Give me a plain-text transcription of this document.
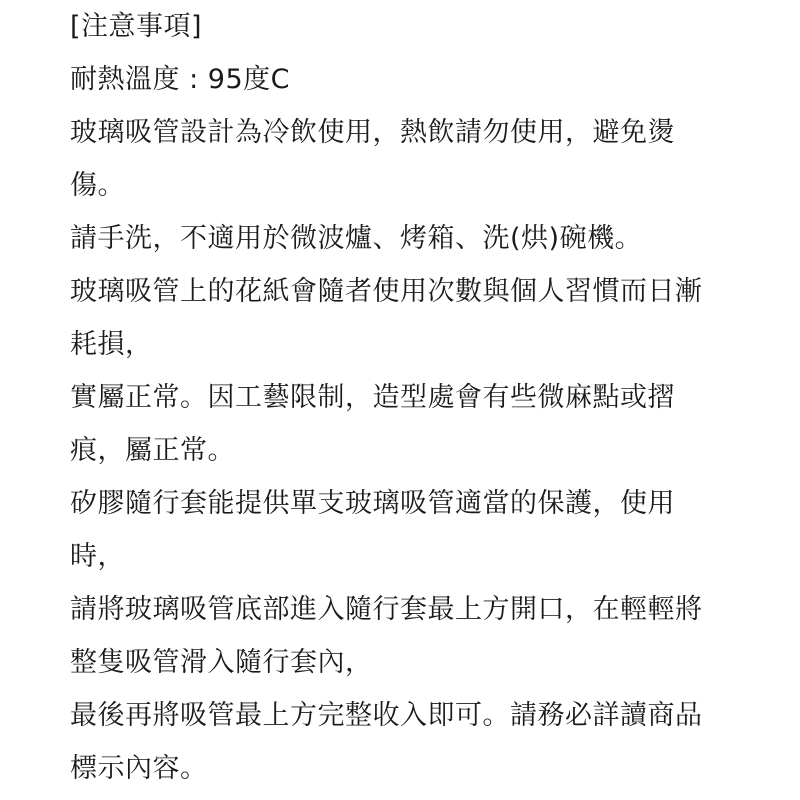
[注意事項]
耐熱溫度 : 95度C
玻璃吸管設計為冷飲使用，熱飲請勿使用，避免燙
傷。
請手洗，不適用於微波爐、烤箱、洗(烘)碗機。
玻璃吸管上的花紙會隨者使用次數與個人習慣而日漸
耗損，
實屬正常。因工藝限制，造型處會有些微麻點或摺
痕，屬正常。
矽膠隨行套能提供單支玻璃吸管適當的保護，使用
時，
請將玻璃吸管底部進入隨行套最上方開口，在輕輕將
整隻吸管滑入隨行套內，
最後再將吸管最上方完整收入即可。請務必詳讀商品
標示內容。
